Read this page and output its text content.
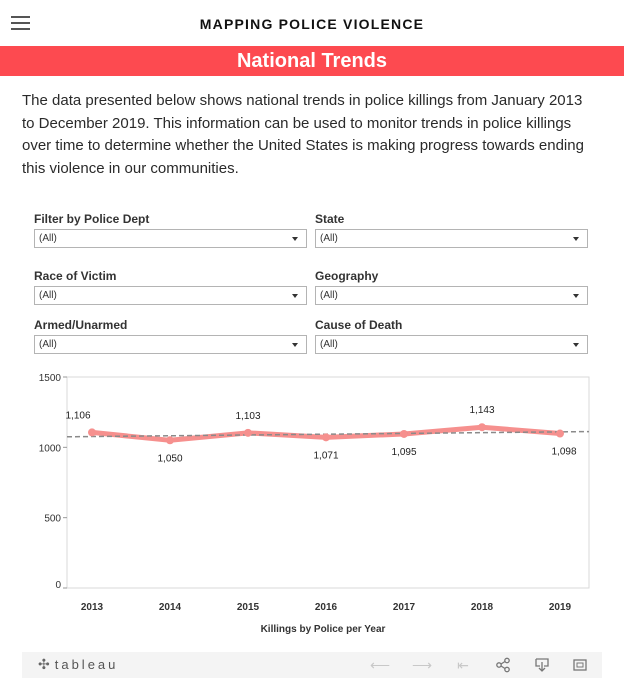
MAPPING POLICE VIOLENCE
National Trends

The data presented below shows national trends in police killings from January 2013 to December 2019. This information can be used to monitor trends in police killings over time to determine whether the United States is making progress towards ending this violence in our communities.

Filter by Police Dept
(All)
State
(All)
Race of Victim
(All)
Geography
(All)
Armed/Unarmed
(All)
Cause of Death
(All)
0
500
1000
1500
2013	2014	2015	2016	2017	2018	2019
Killings by Police per Year
1,106
1,050
1,103
1,071	1,095
1,143
1,098
✣ tableau	⟵ ⟶	⇤
